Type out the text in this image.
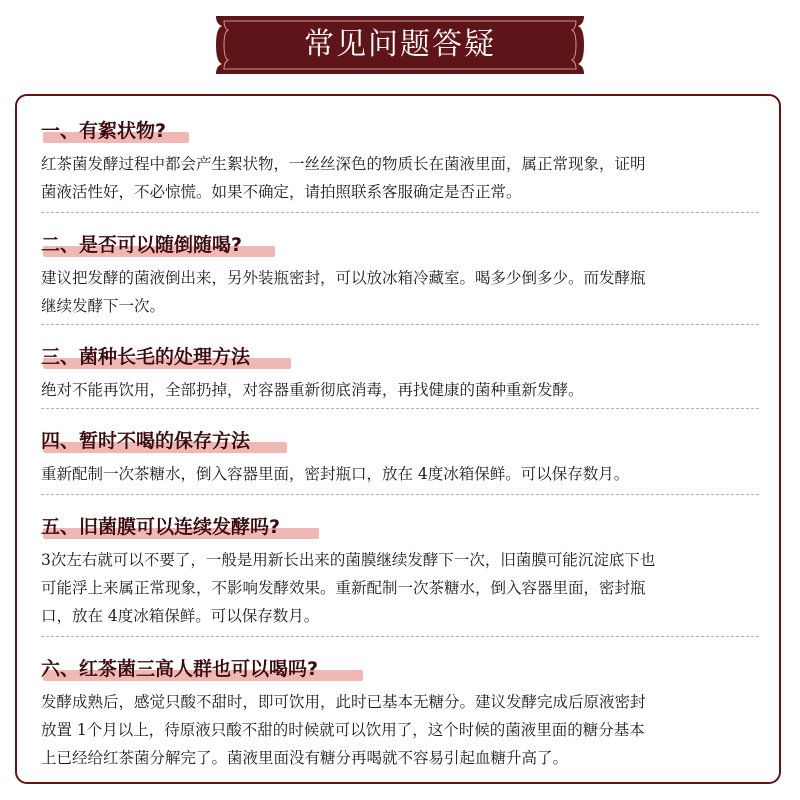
常见问题答疑
一、有絮状物?
红茶菌发酵过程中都会产生絮状物，一丝丝深色的物质长在菌液里面，属正常现象，证明
菌液活性好，不必惊慌。如果不确定，请拍照联系客服确定是否正常。
二、是否可以随倒随喝?
建议把发酵的菌液倒出来，另外装瓶密封，可以放冰箱冷藏室。喝多少倒多少。而发酵瓶
继续发酵下一次。
三、菌种长毛的处理方法
绝对不能再饮用，全部扔掉，对容器重新彻底消毒，再找健康的菌种重新发酵。
四、暂时不喝的保存方法
重新配制一次茶糖水，倒入容器里面，密封瓶口，放在 4度冰箱保鲜。可以保存数月。
五、旧菌膜可以连续发酵吗?
3次左右就可以不要了，一般是用新长出来的菌膜继续发酵下一次，旧菌膜可能沉淀底下也
可能浮上来属正常现象，不影响发酵效果。重新配制一次茶糖水，倒入容器里面，密封瓶
口，放在 4度冰箱保鲜。可以保存数月。
六、红茶菌三高人群也可以喝吗?
发酵成熟后，感觉只酸不甜时，即可饮用，此时已基本无糖分。建议发酵完成后原液密封
放置 1个月以上，待原液只酸不甜的时候就可以饮用了，这个时候的菌液里面的糖分基本
上已经给红茶菌分解完了。菌液里面没有糖分再喝就不容易引起血糖升高了。
